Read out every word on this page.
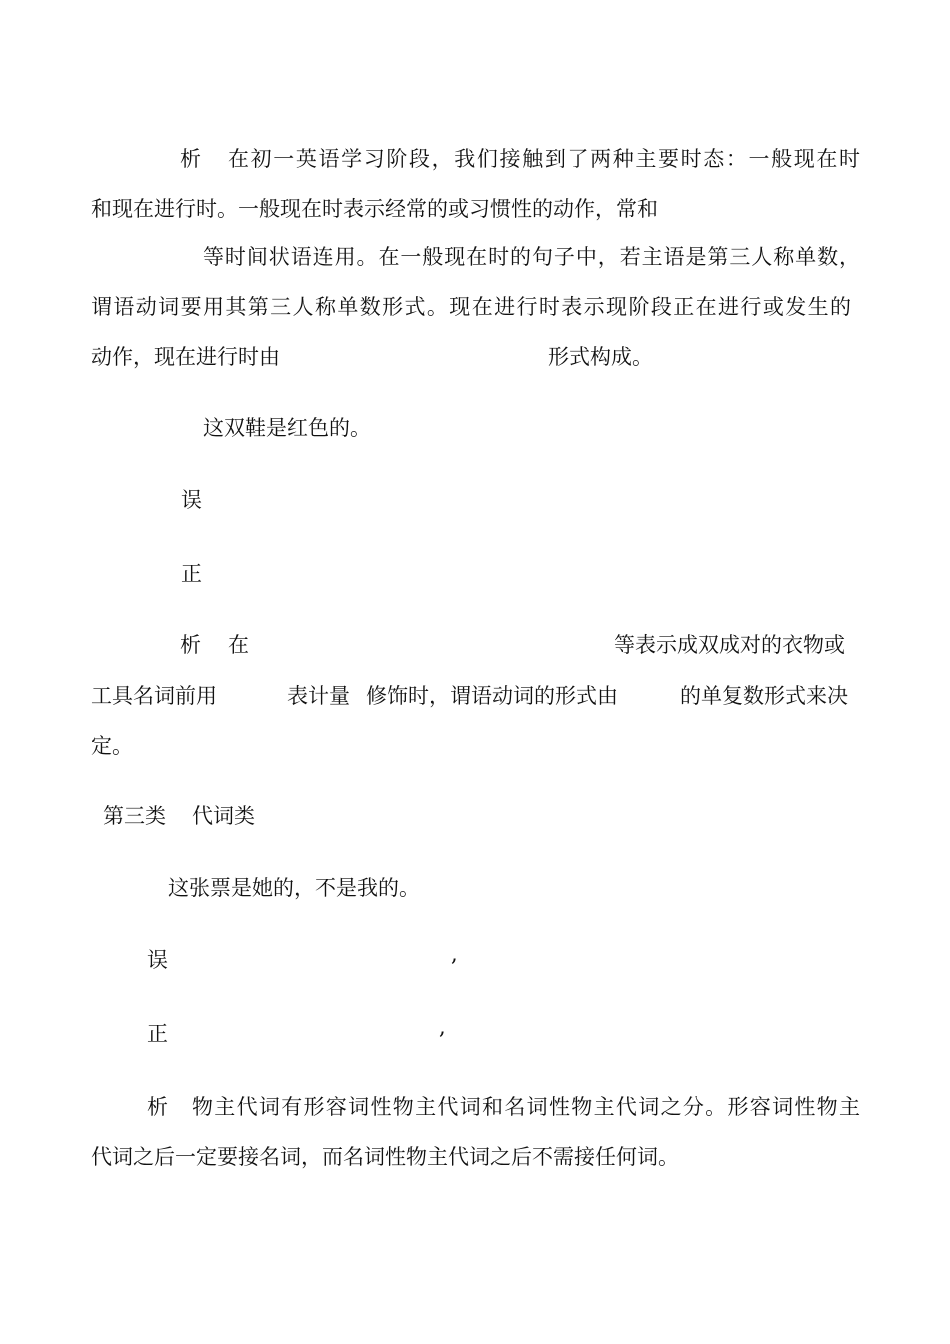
析 在初一英语学习阶段，我们接触到了两种主要时态：一般现在时
和现在进行时。一般现在时表示经常的或习惯性的动作，常和
等时间状语连用。在一般现在时的句子中，若主语是第三人称单数，
谓语动词要用其第三人称单数形式。现在进行时表示现阶段正在进行或发生的
动作，现在进行时由	形式构成。
这双鞋是红色的。
误
正
析 在	等表示成双成对的衣物或
工具名词前用	表计量 修饰时，谓语动词的形式由	的单复数形式来决
定。
第三类 代词类
这张票是她的，不是我的。
误	,
正	,
析 物主代词有形容词性物主代词和名词性物主代词之分。形容词性物主
代词之后一定要接名词，而名词性物主代词之后不需接任何词。
